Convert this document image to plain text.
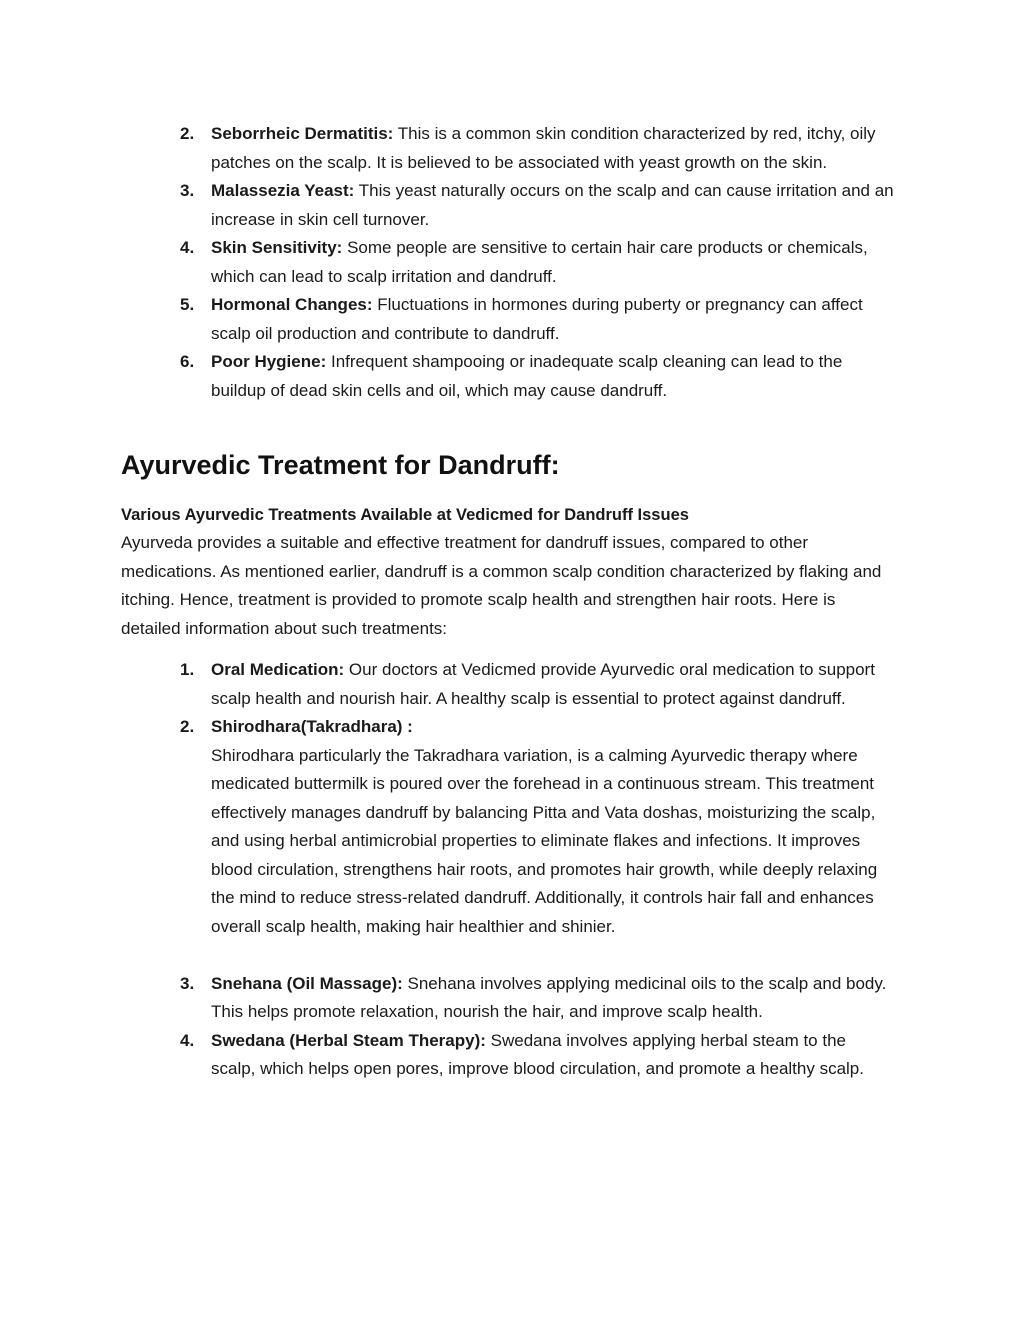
2. Seborrheic Dermatitis: This is a common skin condition characterized by red, itchy, oily patches on the scalp. It is believed to be associated with yeast growth on the skin.
3. Malassezia Yeast: This yeast naturally occurs on the scalp and can cause irritation and an increase in skin cell turnover.
4. Skin Sensitivity: Some people are sensitive to certain hair care products or chemicals, which can lead to scalp irritation and dandruff.
5. Hormonal Changes: Fluctuations in hormones during puberty or pregnancy can affect scalp oil production and contribute to dandruff.
6. Poor Hygiene: Infrequent shampooing or inadequate scalp cleaning can lead to the buildup of dead skin cells and oil, which may cause dandruff.
Ayurvedic Treatment for Dandruff:
Various Ayurvedic Treatments Available at Vedicmed for Dandruff Issues

Ayurveda provides a suitable and effective treatment for dandruff issues, compared to other medications. As mentioned earlier, dandruff is a common scalp condition characterized by flaking and itching. Hence, treatment is provided to promote scalp health and strengthen hair roots. Here is detailed information about such treatments:

1. Oral Medication: Our doctors at Vedicmed provide Ayurvedic oral medication to support scalp health and nourish hair. A healthy scalp is essential to protect against dandruff.
2. Shirodhara(Takradhara) :
Shirodhara particularly the Takradhara variation, is a calming Ayurvedic therapy where medicated buttermilk is poured over the forehead in a continuous stream. This treatment effectively manages dandruff by balancing Pitta and Vata doshas, moisturizing the scalp, and using herbal antimicrobial properties to eliminate flakes and infections. It improves blood circulation, strengthens hair roots, and promotes hair growth, while deeply relaxing the mind to reduce stress-related dandruff. Additionally, it controls hair fall and enhances overall scalp health, making hair healthier and shinier.
3. Snehana (Oil Massage): Snehana involves applying medicinal oils to the scalp and body. This helps promote relaxation, nourish the hair, and improve scalp health.
4. Swedana (Herbal Steam Therapy): Swedana involves applying herbal steam to the scalp, which helps open pores, improve blood circulation, and promote a healthy scalp.
